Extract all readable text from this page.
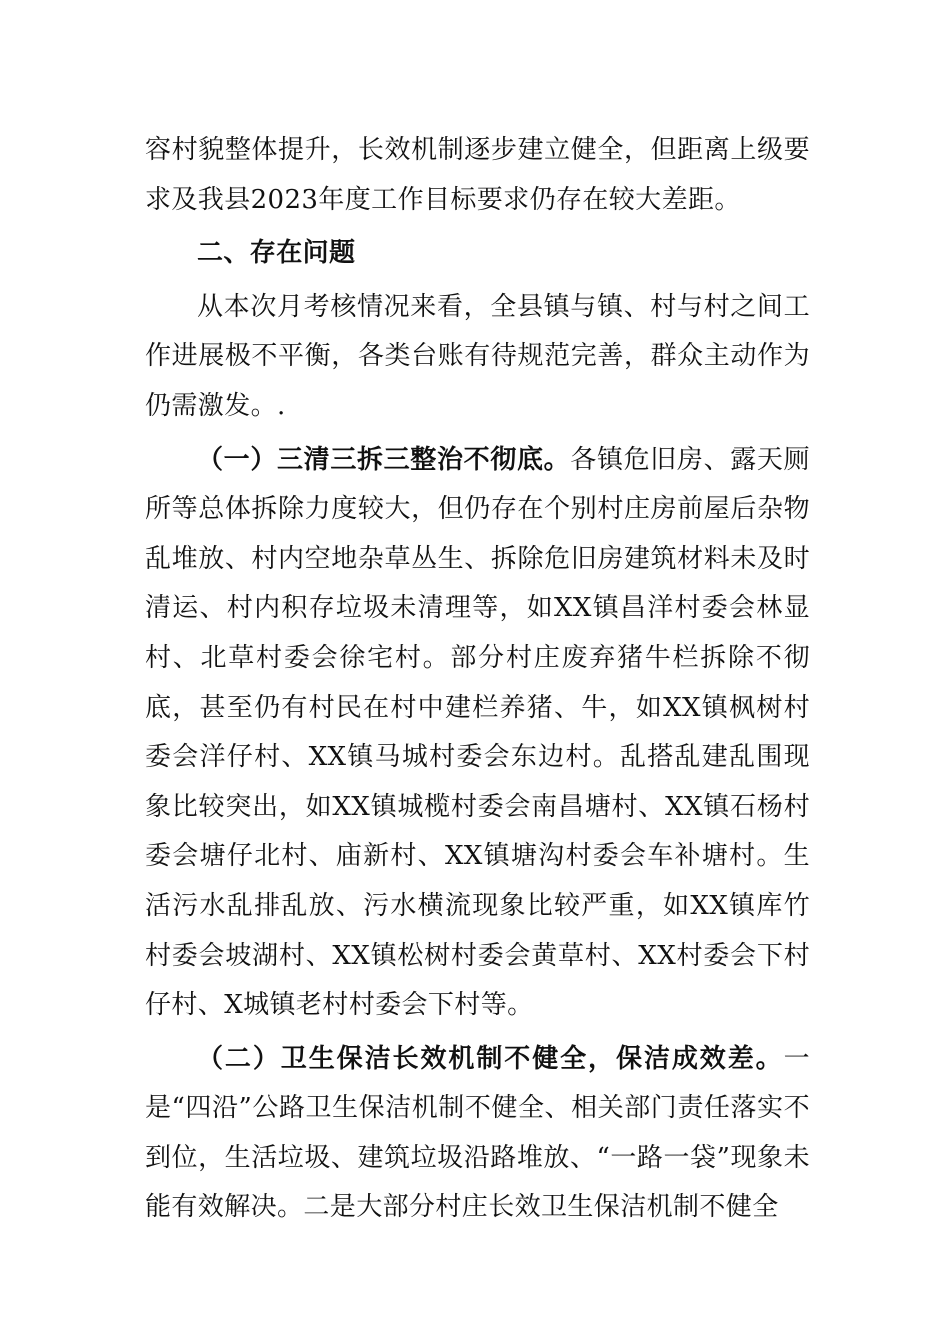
容村貌整体提升，长效机制逐步建立健全，但距离上级要求及我县2023年度工作目标要求仍存在较大差距。

二、存在问题

从本次月考核情况来看，全县镇与镇、村与村之间工作进展极不平衡，各类台账有待规范完善，群众主动作为仍需激发。.

（一）三清三拆三整治不彻底。各镇危旧房、露天厕所等总体拆除力度较大，但仍存在个别村庄房前屋后杂物乱堆放、村内空地杂草丛生、拆除危旧房建筑材料未及时清运、村内积存垃圾未清理等，如XX镇昌洋村委会林显村、北草村委会徐宅村。部分村庄废弃猪牛栏拆除不彻底，甚至仍有村民在村中建栏养猪、牛，如XX镇枫树村委会洋仔村、XX镇马城村委会东边村。乱搭乱建乱围现象比较突出，如XX镇城榄村委会南昌塘村、XX镇石杨村委会塘仔北村、庙新村、XX镇塘沟村委会车补塘村。生活污水乱排乱放、污水横流现象比较严重，如XX镇库竹村委会坡湖村、XX镇松树村委会黄草村、XX村委会下村仔村、X城镇老村村委会下村等。

（二）卫生保洁长效机制不健全，保洁成效差。一是“四沿”公路卫生保洁机制不健全、相关部门责任落实不到位，生活垃圾、建筑垃圾沿路堆放、“一路一袋”现象未能有效解决。二是大部分村庄长效卫生保洁机制不健全
